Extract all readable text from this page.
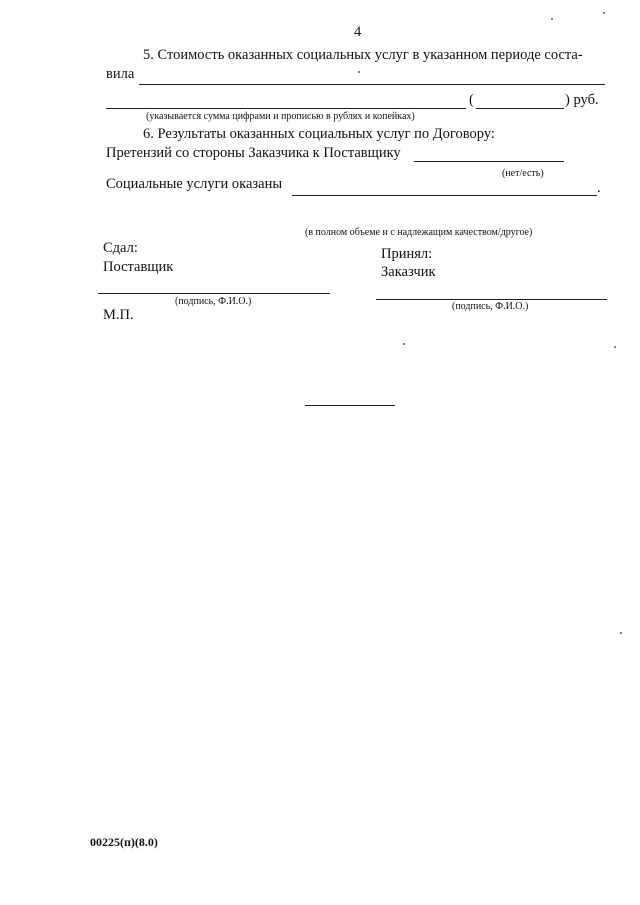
4
5. Стоимость оказанных социальных услуг в указанном периоде соста-
вила
(	) руб.
(указывается сумма цифрами и прописью в рублях и копейках)
6. Результаты оказанных социальных услуг по Договору:
Претензий со стороны Заказчика к Поставщику
(нет/есть)
Социальные услуги оказаны	.
(в полном объеме и с надлежащим качеством/другое)
Сдал:
Поставщик
(подпись, Ф.И.О.)
М.П.
Принял:
Заказчик
(подпись, Ф.И.О.)
00225(п)(8.0)
